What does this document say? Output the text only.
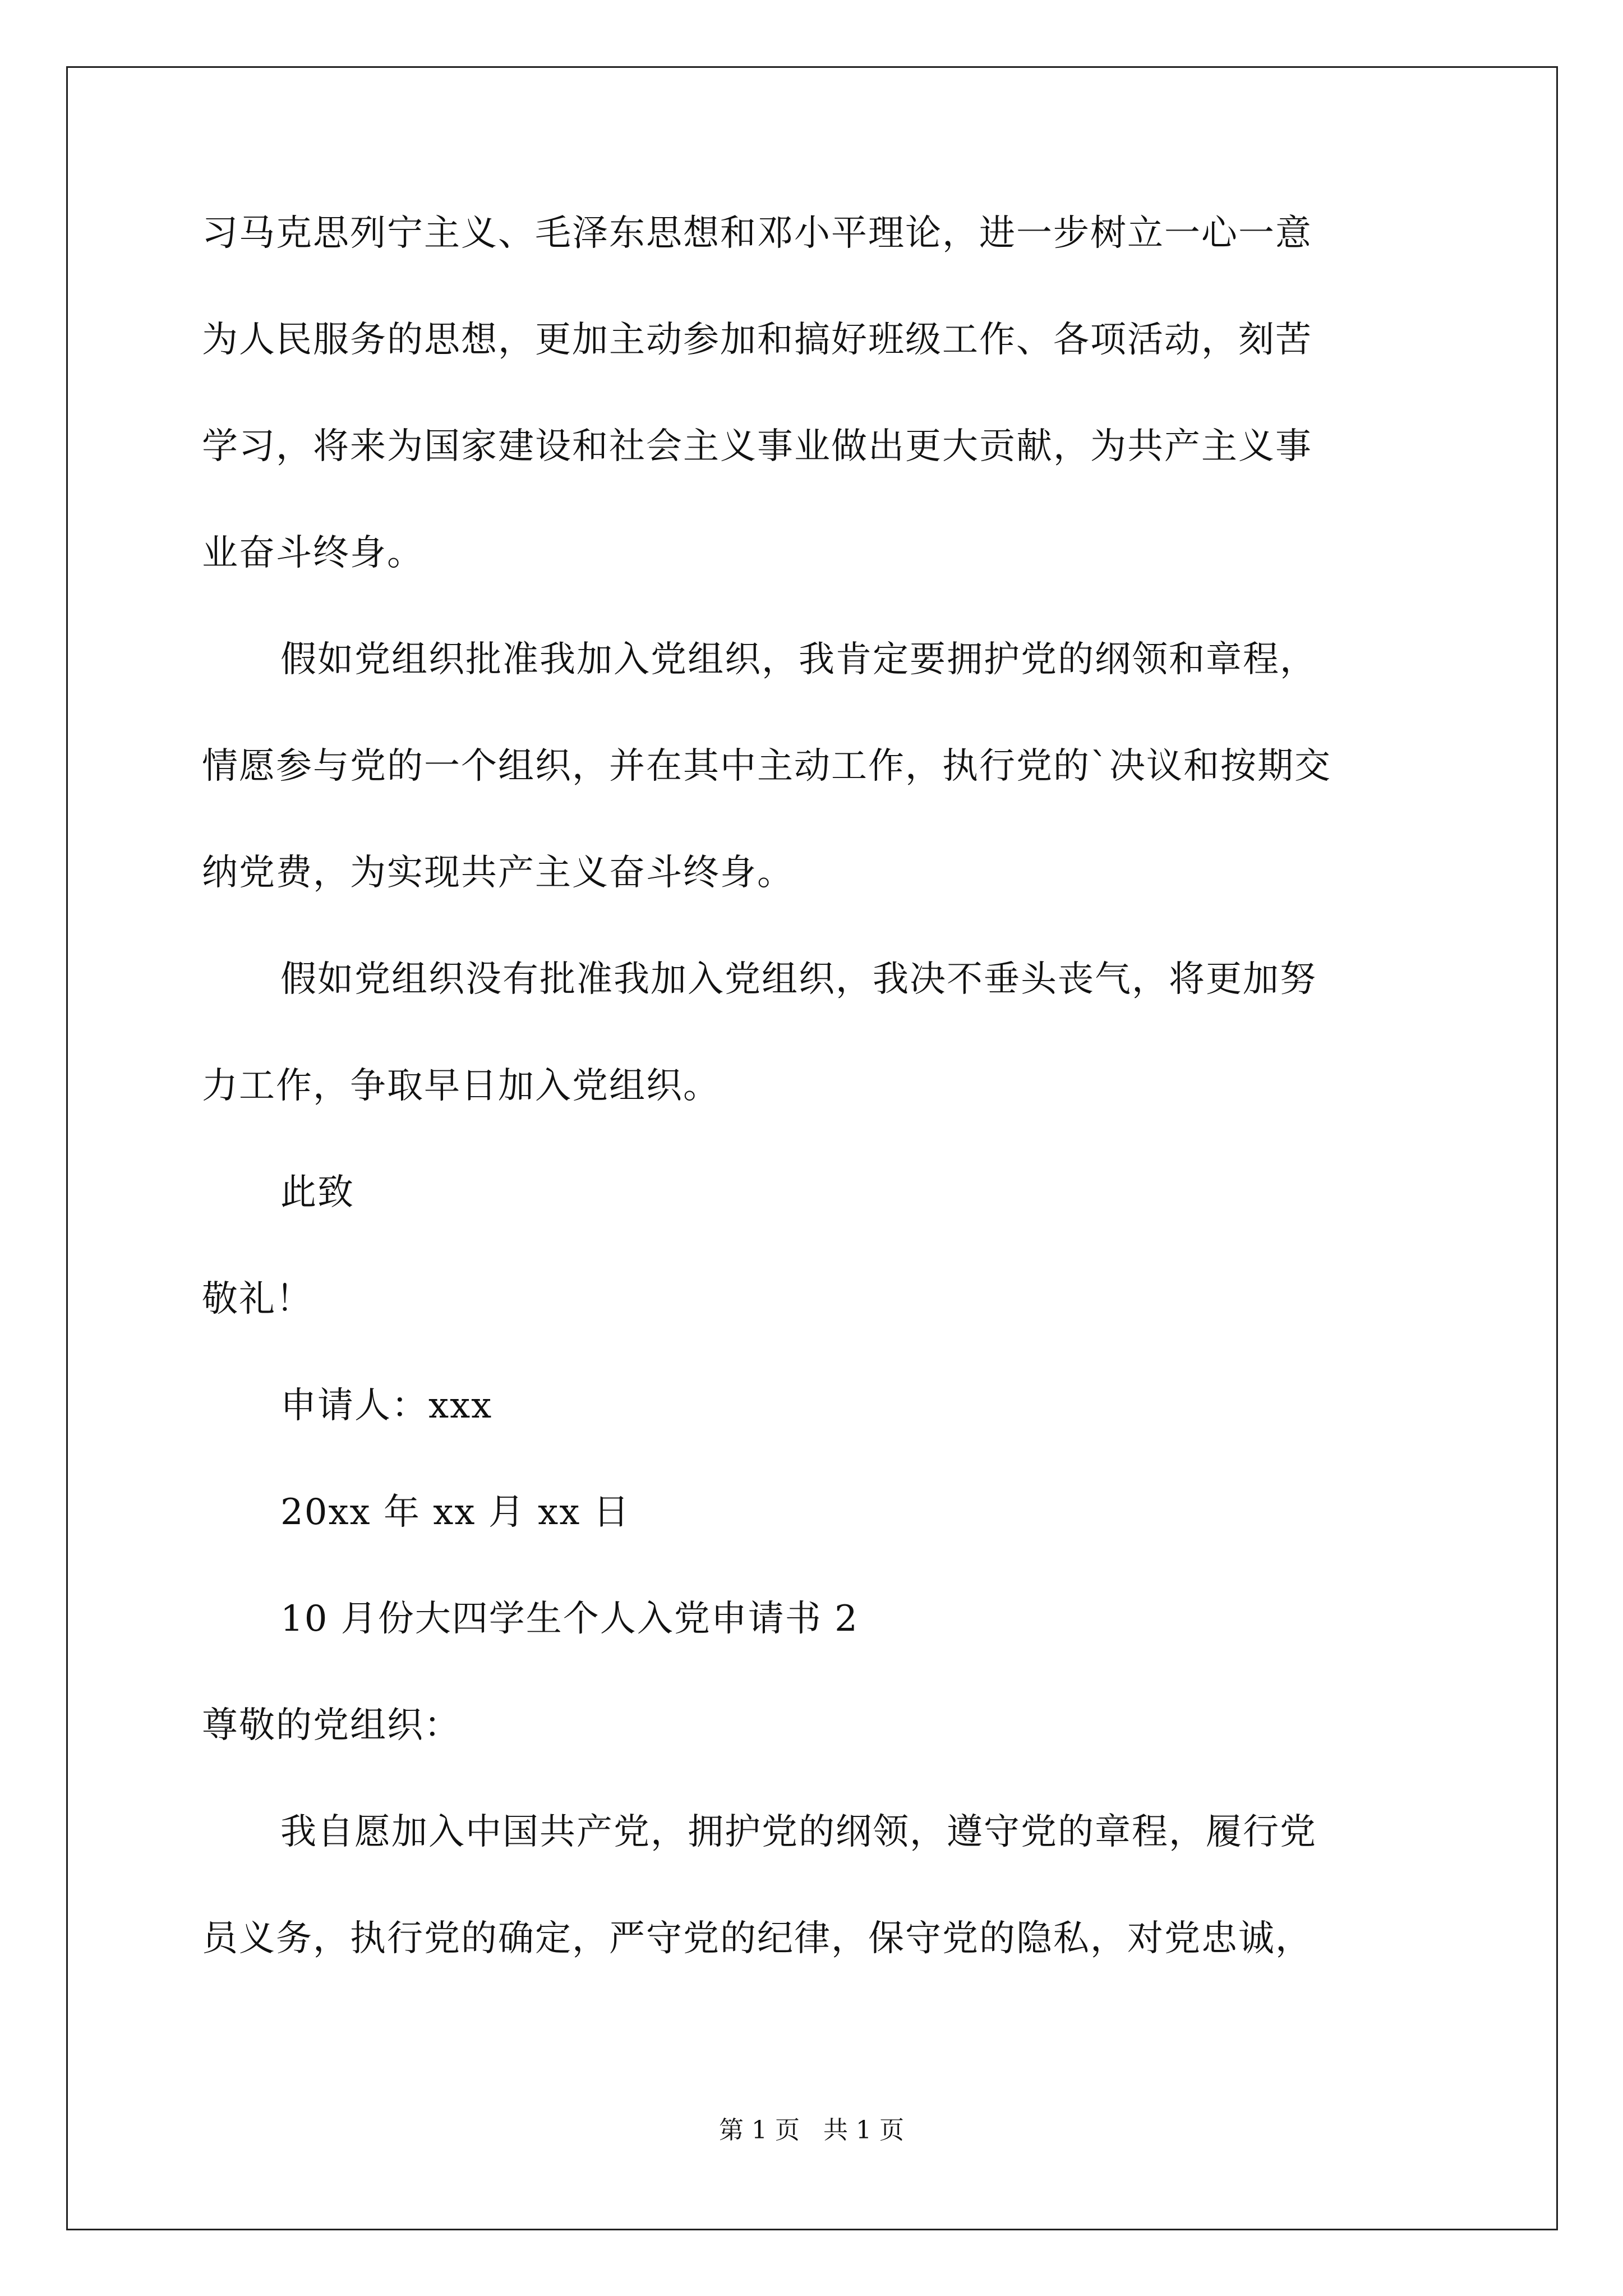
习马克思列宁主义、毛泽东思想和邓小平理论，进一步树立一心一意
为人民服务的思想，更加主动参加和搞好班级工作、各项活动，刻苦
学习，将来为国家建设和社会主义事业做出更大贡献，为共产主义事
业奋斗终身。
假如党组织批准我加入党组织，我肯定要拥护党的纲领和章程，
情愿参与党的一个组织，并在其中主动工作，执行党的`决议和按期交
纳党费，为实现共产主义奋斗终身。
假如党组织没有批准我加入党组织，我决不垂头丧气，将更加努
力工作，争取早日加入党组织。
此致
敬礼！
申请人：xxx
20xx 年 xx 月 xx 日
10 月份大四学生个人入党申请书 2
尊敬的党组织：
我自愿加入中国共产党，拥护党的纲领，遵守党的章程，履行党
员义务，执行党的确定，严守党的纪律，保守党的隐私，对党忠诚，
第 1 页   共 1 页
